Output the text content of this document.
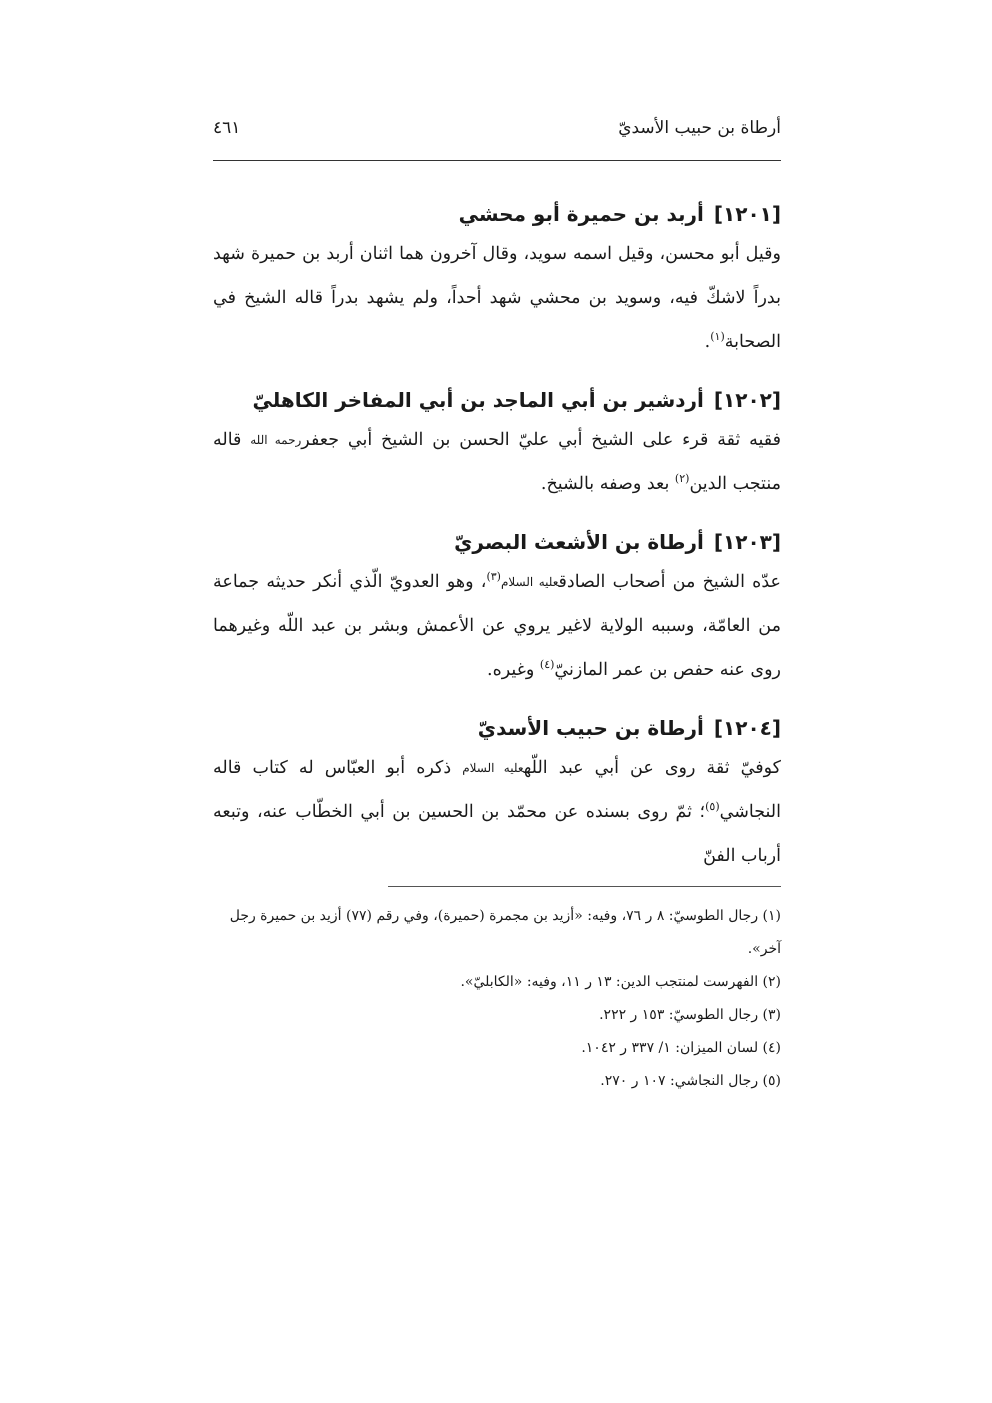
أرطاة بن حبيب الأسديّ
٤٦١

[١٢٠١]أربد بن حميرة أبو محشي

وقيل أبو محسن، وقيل اسمه سويد، وقال آخرون هما اثنان أربد بن حميرة شهد بدراً لاشكّ فيه، وسويد بن محشي شهد أحداً، ولم يشهد بدراً قاله الشيخ في الصحابة$^{(١)}$.

[١٢٠٢]أردشير بن أبي الماجد بن أبي المفاخر الكاهليّ

فقيه ثقة قرء على الشيخ أبي عليّ الحسن بن الشيخ أبي جعفر$^{رحمه الله}$ قاله منتجب الدين$^{(٢)}$ بعد وصفه بالشيخ.

[١٢٠٣]أرطاة بن الأشعث البصريّ

عدّه الشيخ من أصحاب الصادق$^{عليه السلام(٣)}$، وهو العدويّ الّذي أنكر حديثه جماعة من العامّة، وسببه الولاية لاغير يروي عن الأعمش وبشر بن عبد اللّه وغيرهما روى عنه حفص بن عمر المازنيّ$^{(٤)}$ وغيره.

[١٢٠٤]أرطاة بن حبيب الأسديّ

كوفيّ ثقة روى عن أبي عبد اللّه$^{عليه السلام}$ ذكره أبو العبّاس له كتاب قاله النجاشي$^{(٥)}$؛ ثمّ روى بسنده عن محمّد بن الحسين بن أبي الخطّاب عنه، وتبعه أرباب الفنّ

(١) رجال الطوسيّ: ٨ ر ٧٦، وفيه: «أزيد بن مجمرة (حميرة)، وفي رقم (٧٧) أزيد بن حميرة رجل آخر».
(٢) الفهرست لمنتجب الدين: ١٣ ر ١١، وفيه: «الكابليّ».
(٣) رجال الطوسيّ: ١٥٣ ر ٢٢٢.
(٤) لسان الميزان: ١/ ٣٣٧ ر ١٠٤٢.
(٥) رجال النجاشي: ١٠٧ ر ٢٧٠.
